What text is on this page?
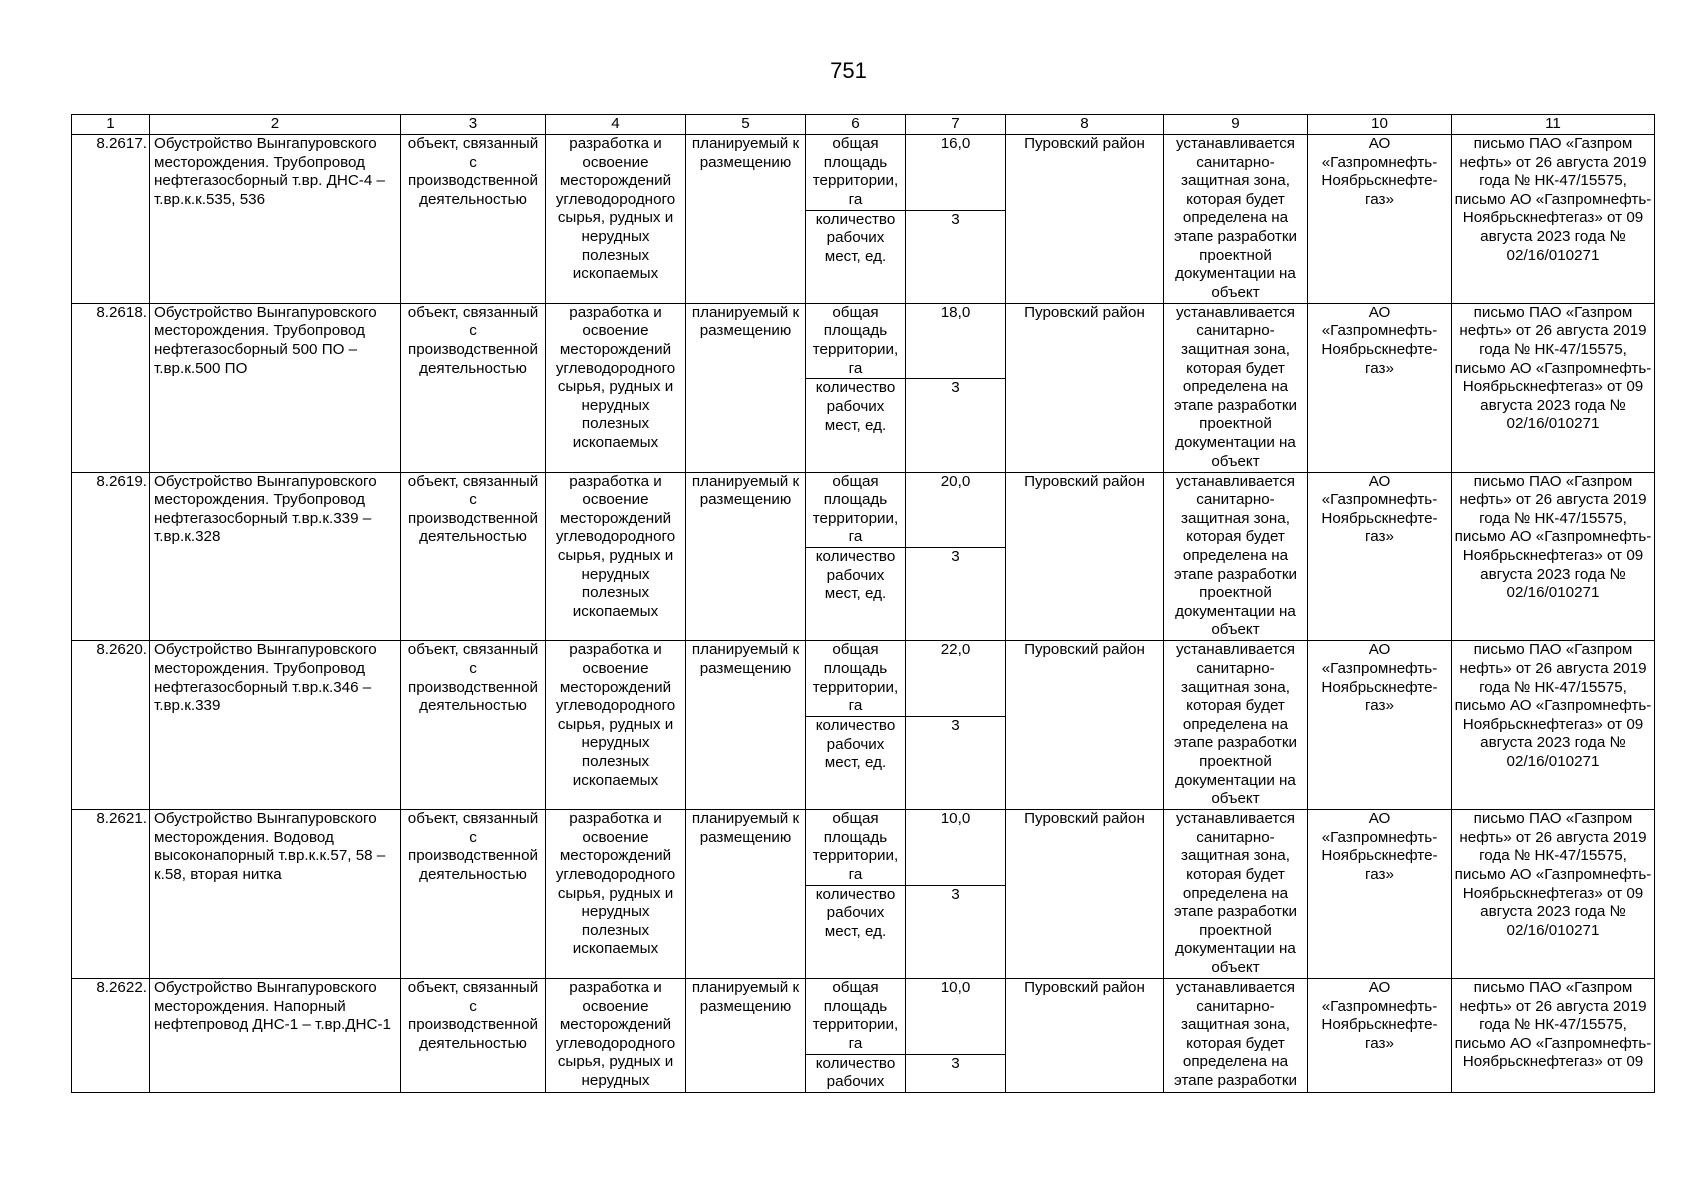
751
1	2	3	4	5	6	7	8	9	10	11
8.2617.	Обустройство Вынгапуровского месторождения. Трубопровод нефтегазосборный т.вр. ДНС-4 – т.вр.к.к.535, 536	объект, связанный с производственной деятельностью	разработка и освоение месторождений углеводородного сырья, рудных и нерудных полезных ископаемых	планируемый к размещению	общая площадь территории, га	16,0	Пуровский район	устанавливается санитарно-защитная зона, которая будет определена на этапе разработки проектной документации на объект	АО «Газпромнефть-Ноябрьскнефте-газ»	письмо ПАО «Газпром нефть» от 26 августа 2019 года № НК-47/15575, письмо АО «Газпромнефть-Ноябрьскнефтегаз» от 09 августа 2023 года № 02/16/010271
					количество рабочих мест, ед.	3				
8.2618.	Обустройство Вынгапуровского месторождения. Трубопровод нефтегазосборный 500 ПО – т.вр.к.500 ПО	объект, связанный с производственной деятельностью	разработка и освоение месторождений углеводородного сырья, рудных и нерудных полезных ископаемых	планируемый к размещению	общая площадь территории, га	18,0	Пуровский район	устанавливается санитарно-защитная зона, которая будет определена на этапе разработки проектной документации на объект	АО «Газпромнефть-Ноябрьскнефте-газ»	письмо ПАО «Газпром нефть» от 26 августа 2019 года № НК-47/15575, письмо АО «Газпромнефть-Ноябрьскнефтегаз» от 09 августа 2023 года № 02/16/010271
					количество рабочих мест, ед.	3				
8.2619.	Обустройство Вынгапуровского месторождения. Трубопровод нефтегазосборный т.вр.к.339 – т.вр.к.328	объект, связанный с производственной деятельностью	разработка и освоение месторождений углеводородного сырья, рудных и нерудных полезных ископаемых	планируемый к размещению	общая площадь территории, га	20,0	Пуровский район	устанавливается санитарно-защитная зона, которая будет определена на этапе разработки проектной документации на объект	АО «Газпромнефть-Ноябрьскнефте-газ»	письмо ПАО «Газпром нефть» от 26 августа 2019 года № НК-47/15575, письмо АО «Газпромнефть-Ноябрьскнефтегаз» от 09 августа 2023 года № 02/16/010271
					количество рабочих мест, ед.	3				
8.2620.	Обустройство Вынгапуровского месторождения. Трубопровод нефтегазосборный т.вр.к.346 – т.вр.к.339	объект, связанный с производственной деятельностью	разработка и освоение месторождений углеводородного сырья, рудных и нерудных полезных ископаемых	планируемый к размещению	общая площадь территории, га	22,0	Пуровский район	устанавливается санитарно-защитная зона, которая будет определена на этапе разработки проектной документации на объект	АО «Газпромнефть-Ноябрьскнефте-газ»	письмо ПАО «Газпром нефть» от 26 августа 2019 года № НК-47/15575, письмо АО «Газпромнефть-Ноябрьскнефтегаз» от 09 августа 2023 года № 02/16/010271
					количество рабочих мест, ед.	3				
8.2621.	Обустройство Вынгапуровского месторождения. Водовод высоконапорный т.вр.к.к.57, 58 – к.58, вторая нитка	объект, связанный с производственной деятельностью	разработка и освоение месторождений углеводородного сырья, рудных и нерудных полезных ископаемых	планируемый к размещению	общая площадь территории, га	10,0	Пуровский район	устанавливается санитарно-защитная зона, которая будет определена на этапе разработки проектной документации на объект	АО «Газпромнефть-Ноябрьскнефте-газ»	письмо ПАО «Газпром нефть» от 26 августа 2019 года № НК-47/15575, письмо АО «Газпромнефть-Ноябрьскнефтегаз» от 09 августа 2023 года № 02/16/010271
					количество рабочих мест, ед.	3				
8.2622.	Обустройство Вынгапуровского месторождения. Напорный нефтепровод ДНС-1 – т.вр.ДНС-1	объект, связанный с производственной деятельностью	разработка и освоение месторождений углеводородного сырья, рудных и нерудных	планируемый к размещению	общая площадь территории, га	10,0	Пуровский район	устанавливается санитарно-защитная зона, которая будет определена на этапе разработки	АО «Газпромнефть-Ноябрьскнефте-газ»	письмо ПАО «Газпром нефть» от 26 августа 2019 года № НК-47/15575, письмо АО «Газпромнефть-Ноябрьскнефтегаз» от 09
					количество рабочих	3				
